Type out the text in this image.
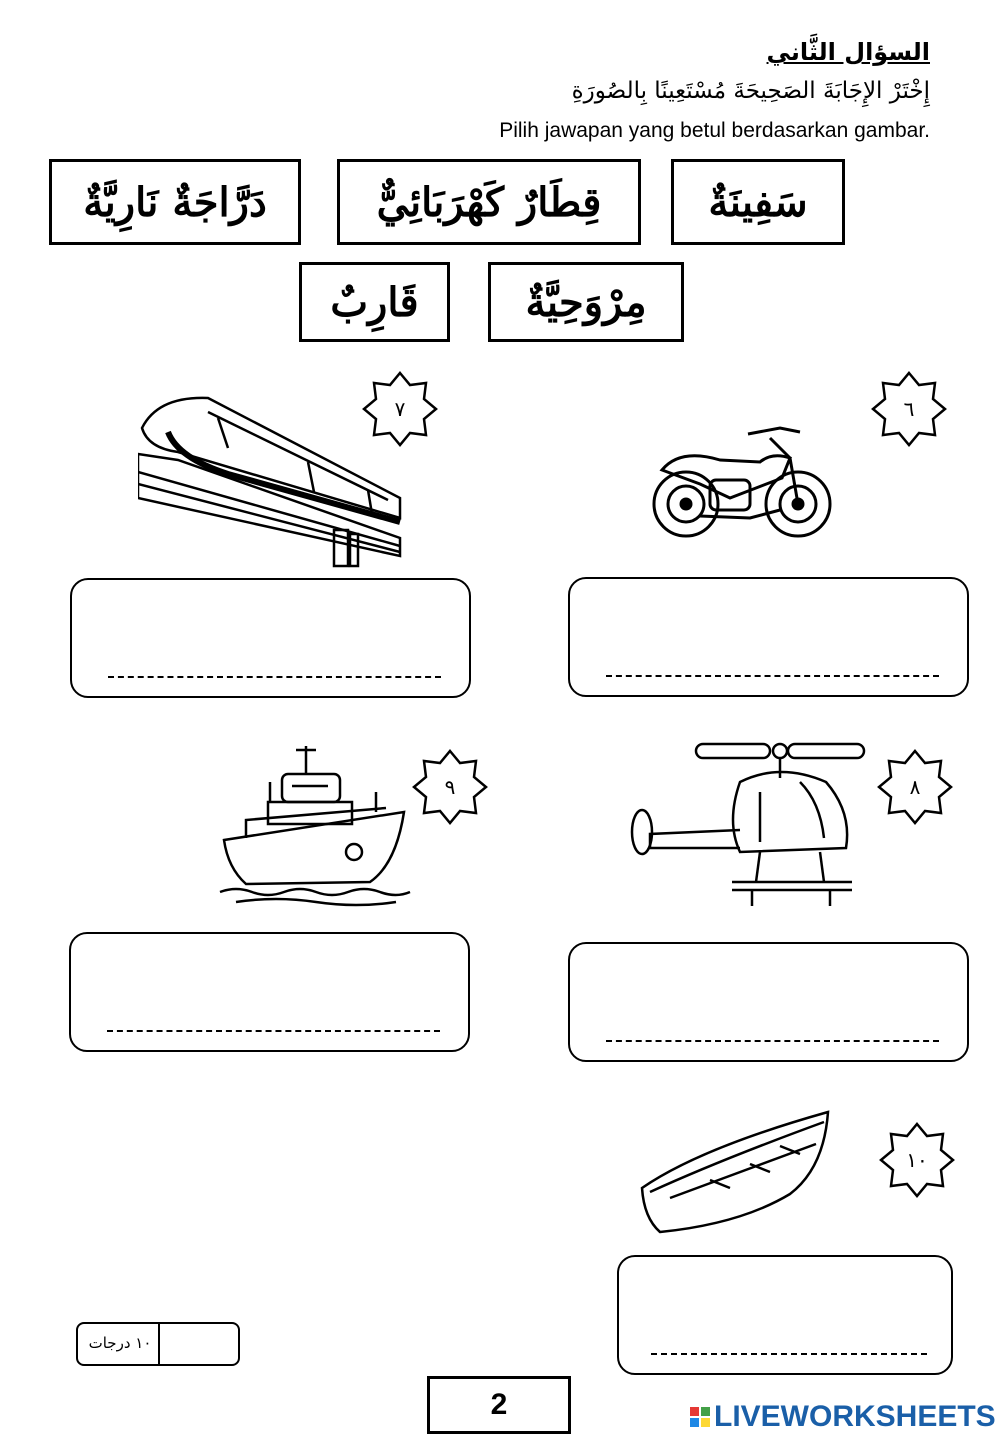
السؤال الثَّاني
إِخْتَرْ الإِجَابَةَ الصَحِيحَةَ مُسْتَعِينًا بِالصُورَةِ
Pilih jawapan yang betul berdasarkan gambar.
سَفِينَةٌ
قِطَارٌ كَهْرَبَائِيٌّ
دَرَّاجَةٌ نَارِيَّةٌ
مِرْوَحِيَّةٌ
قَارِبٌ
٦
٧
٨
٩
١٠
١٠ درجات
2	LIVEWORKSHEETS
